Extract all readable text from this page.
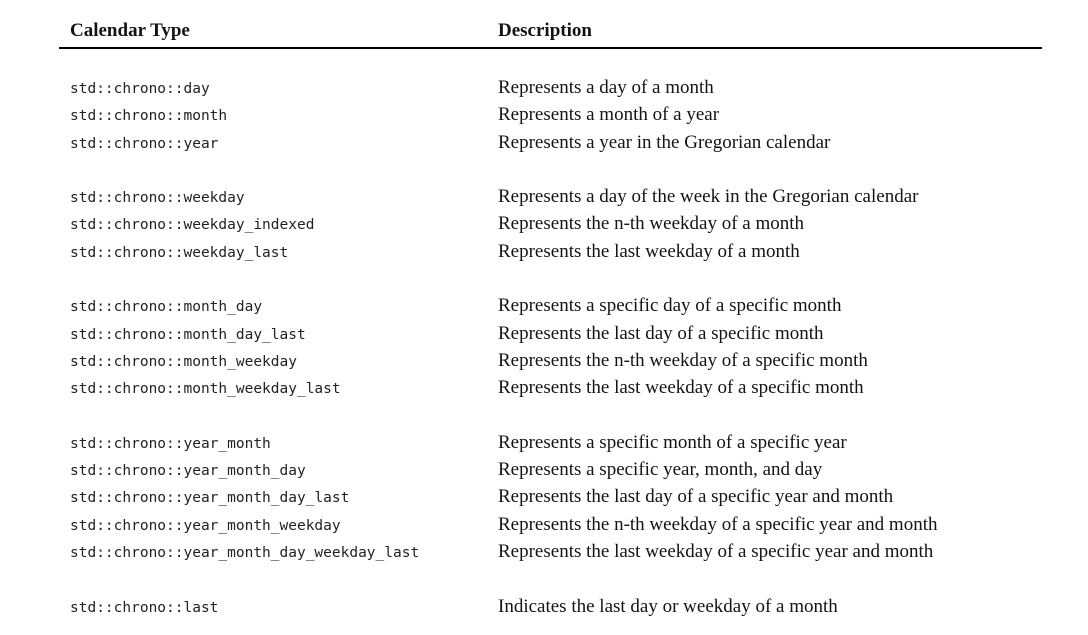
Calendar Type	Description
std::chrono::day	Represents a day of a month
std::chrono::month	Represents a month of a year
std::chrono::year	Represents a year in the Gregorian calendar
std::chrono::weekday	Represents a day of the week in the Gregorian calendar
std::chrono::weekday_indexed	Represents the n-th weekday of a month
std::chrono::weekday_last	Represents the last weekday of a month
std::chrono::month_day	Represents a specific day of a specific month
std::chrono::month_day_last	Represents the last day of a specific month
std::chrono::month_weekday	Represents the n-th weekday of a specific month
std::chrono::month_weekday_last	Represents the last weekday of a specific month
std::chrono::year_month	Represents a specific month of a specific year
std::chrono::year_month_day	Represents a specific year, month, and day
std::chrono::year_month_day_last	Represents the last day of a specific year and month
std::chrono::year_month_weekday	Represents the n-th weekday of a specific year and month
std::chrono::year_month_day_weekday_last	Represents the last weekday of a specific year and month
std::chrono::last	Indicates the last day or weekday of a month
